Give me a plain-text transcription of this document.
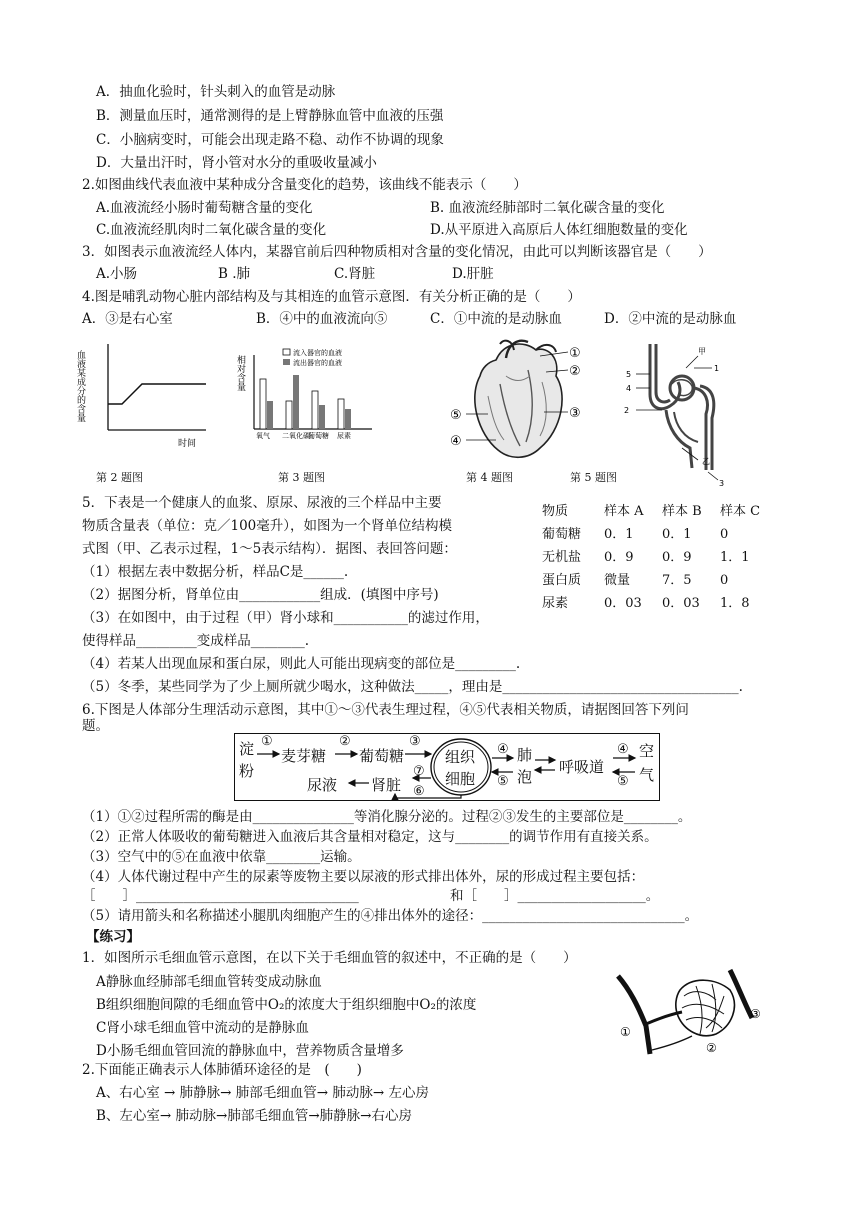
A．抽血化验时，针头刺入的血管是动脉
B．测量血压时，通常测得的是上臂静脉血管中血液的压强
C．小脑病变时，可能会出现走路不稳、动作不协调的现象
D．大量出汗时，肾小管对水分的重吸收量减小
2.如图曲线代表血液中某种成分含量变化的趋势，该曲线不能表示（　　）
A.血液流经小肠时葡萄糖含量的变化	B. 血液流经肺部时二氧化碳含量的变化
C.血液流经肌肉时二氧化碳含量的变化	D.从平原进入高原后人体红细胞数量的变化
3．如图表示血液流经人体内，某器官前后四种物质相对含量的变化情况，由此可以判断该器官是（　　）
A.小肠	B .肺	C.肾脏	D.肝脏
4.图是哺乳动物心脏内部结构及与其相连的血管示意图．有关分析正确的是（　　）
A．③是右心室	B．④中的血液流向⑤	C．①中流的是动脉血	D．②中流的是动脉血
血液某成分的含量
时间
相对含量
流入器官的血液
流出器官的血液
氧气 二氧化碳
葡萄糖 尿素
①
②
③
④
⑤
甲
乙
1
2
3
4
5
第 2 题图	第 3 题图	第 4 题图	第 5 题图
5．下表是一个健康人的血浆、原尿、尿液的三个样品中主要
物质含量表（单位：克／100毫升），如图为一个肾单位结构模
式图（甲、乙表示过程，1～5表示结构）．据图、表回答问题：
（1）根据左表中数据分析，样品C是______.
（2）据图分析，肾单位由____________组成．(填图中序号)
（3）在如图中，由于过程（甲）肾小球和___________的滤过作用，
使得样品_________变成样品________.
（4）若某人出现血尿和蛋白尿，则此人可能出现病变的部位是_________.
（5）冬季，某些同学为了少上厕所就少喝水，这种做法_____，理由是___________________________________.
物质	样本 A	样本 B	样本 C
葡萄糖	0．1	0．1	0
无机盐	0．9	0．9	1．1
蛋白质	微量	7．5	0
尿素	0．03	0．03	1．8
6.下图是人体部分生理活动示意图，其中①～③代表生理过程，④⑤代表相关物质，请据图回答下列问
题。
淀
粉
①
麦芽糖
②
葡萄糖
③
尿液 肾脏
⑦
⑥
组织
细胞
④
⑤
肺
泡
呼吸道
④
⑤
空
气
（1）①②过程所需的酶是由_______________等消化腺分泌的。过程②③发生的主要部位是________。
（2）正常人体吸收的葡萄糖进入血液后其含量相对稳定，这与________的调节作用有直接关系。
（3）空气中的⑤在血液中依靠________运输。
（4）人体代谢过程中产生的尿素等废物主要以尿液的形式排出体外，尿的形成过程主要包括：
［　　］_________________________________	和［　　］___________________。
（5）请用箭头和名称描述小腿肌肉细胞产生的④排出体外的途径：______________________________。
【练习】
1．如图所示毛细血管示意图，在以下关于毛细血管的叙述中，不正确的是（　　）
A静脉血经肺部毛细血管转变成动脉血
B组织细胞间隙的毛细血管中O₂的浓度大于组织细胞中O₂的浓度
C肾小球毛细血管中流动的是静脉血
D小肠毛细血管回流的静脉血中，营养物质含量增多
①
②
③
2.下面能正确表示人体肺循环途径的是　(　　)
A、右心室 → 肺静脉→ 肺部毛细血管→ 肺动脉→ 左心房
B、左心室→ 肺动脉→肺部毛细血管→肺静脉→右心房
